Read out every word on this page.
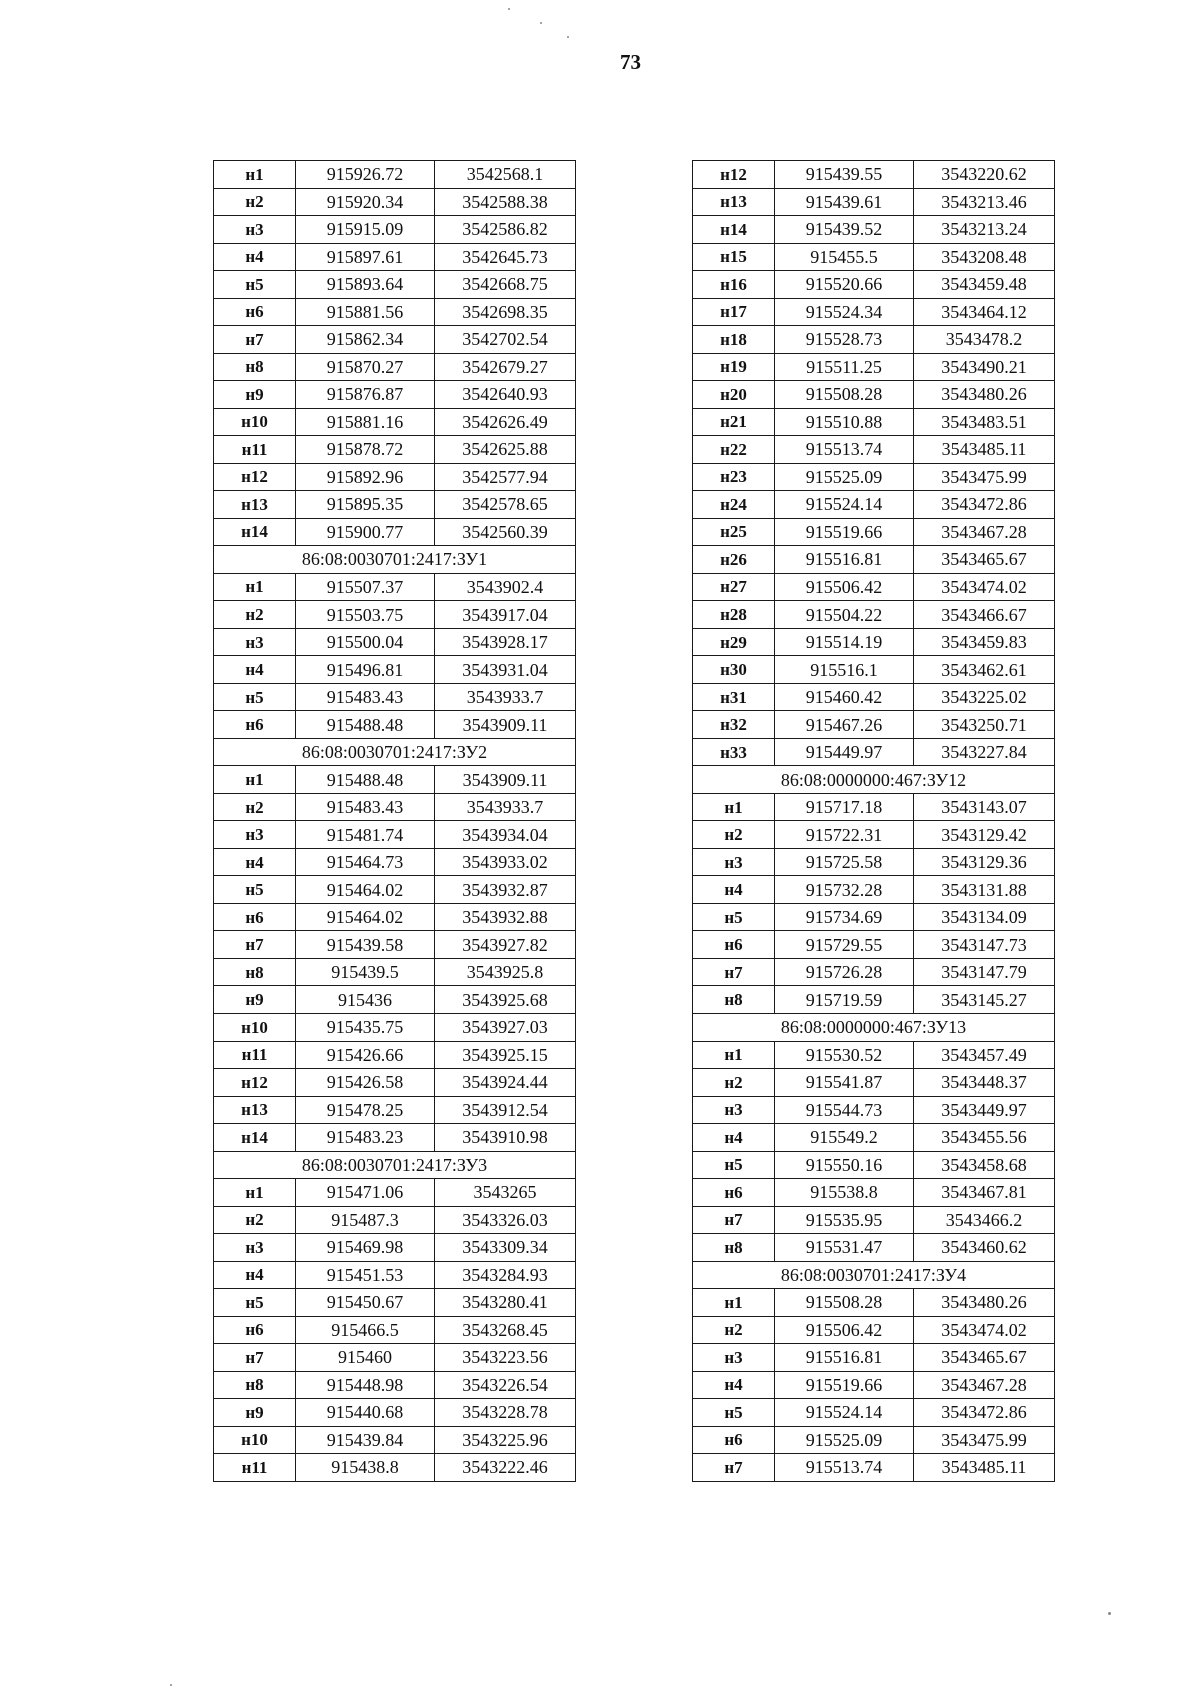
73
н1	915926.72	3542568.1
н2	915920.34	3542588.38
н3	915915.09	3542586.82
н4	915897.61	3542645.73
н5	915893.64	3542668.75
н6	915881.56	3542698.35
н7	915862.34	3542702.54
н8	915870.27	3542679.27
н9	915876.87	3542640.93
н10	915881.16	3542626.49
н11	915878.72	3542625.88
н12	915892.96	3542577.94
н13	915895.35	3542578.65
н14	915900.77	3542560.39
86:08:0030701:2417:ЗУ1		
н1	915507.37	3543902.4
н2	915503.75	3543917.04
н3	915500.04	3543928.17
н4	915496.81	3543931.04
н5	915483.43	3543933.7
н6	915488.48	3543909.11
86:08:0030701:2417:ЗУ2		
н1	915488.48	3543909.11
н2	915483.43	3543933.7
н3	915481.74	3543934.04
н4	915464.73	3543933.02
н5	915464.02	3543932.87
н6	915464.02	3543932.88
н7	915439.58	3543927.82
н8	915439.5	3543925.8
н9	915436	3543925.68
н10	915435.75	3543927.03
н11	915426.66	3543925.15
н12	915426.58	3543924.44
н13	915478.25	3543912.54
н14	915483.23	3543910.98
86:08:0030701:2417:ЗУ3		
н1	915471.06	3543265
н2	915487.3	3543326.03
н3	915469.98	3543309.34
н4	915451.53	3543284.93
н5	915450.67	3543280.41
н6	915466.5	3543268.45
н7	915460	3543223.56
н8	915448.98	3543226.54
н9	915440.68	3543228.78
н10	915439.84	3543225.96
н11	915438.8	3543222.46
н12	915439.55	3543220.62
н13	915439.61	3543213.46
н14	915439.52	3543213.24
н15	915455.5	3543208.48
н16	915520.66	3543459.48
н17	915524.34	3543464.12
н18	915528.73	3543478.2
н19	915511.25	3543490.21
н20	915508.28	3543480.26
н21	915510.88	3543483.51
н22	915513.74	3543485.11
н23	915525.09	3543475.99
н24	915524.14	3543472.86
н25	915519.66	3543467.28
н26	915516.81	3543465.67
н27	915506.42	3543474.02
н28	915504.22	3543466.67
н29	915514.19	3543459.83
н30	915516.1	3543462.61
н31	915460.42	3543225.02
н32	915467.26	3543250.71
н33	915449.97	3543227.84
86:08:0000000:467:ЗУ12		
н1	915717.18	3543143.07
н2	915722.31	3543129.42
н3	915725.58	3543129.36
н4	915732.28	3543131.88
н5	915734.69	3543134.09
н6	915729.55	3543147.73
н7	915726.28	3543147.79
н8	915719.59	3543145.27
86:08:0000000:467:ЗУ13		
н1	915530.52	3543457.49
н2	915541.87	3543448.37
н3	915544.73	3543449.97
н4	915549.2	3543455.56
н5	915550.16	3543458.68
н6	915538.8	3543467.81
н7	915535.95	3543466.2
н8	915531.47	3543460.62
86:08:0030701:2417:ЗУ4		
н1	915508.28	3543480.26
н2	915506.42	3543474.02
н3	915516.81	3543465.67
н4	915519.66	3543467.28
н5	915524.14	3543472.86
н6	915525.09	3543475.99
н7	915513.74	3543485.11
